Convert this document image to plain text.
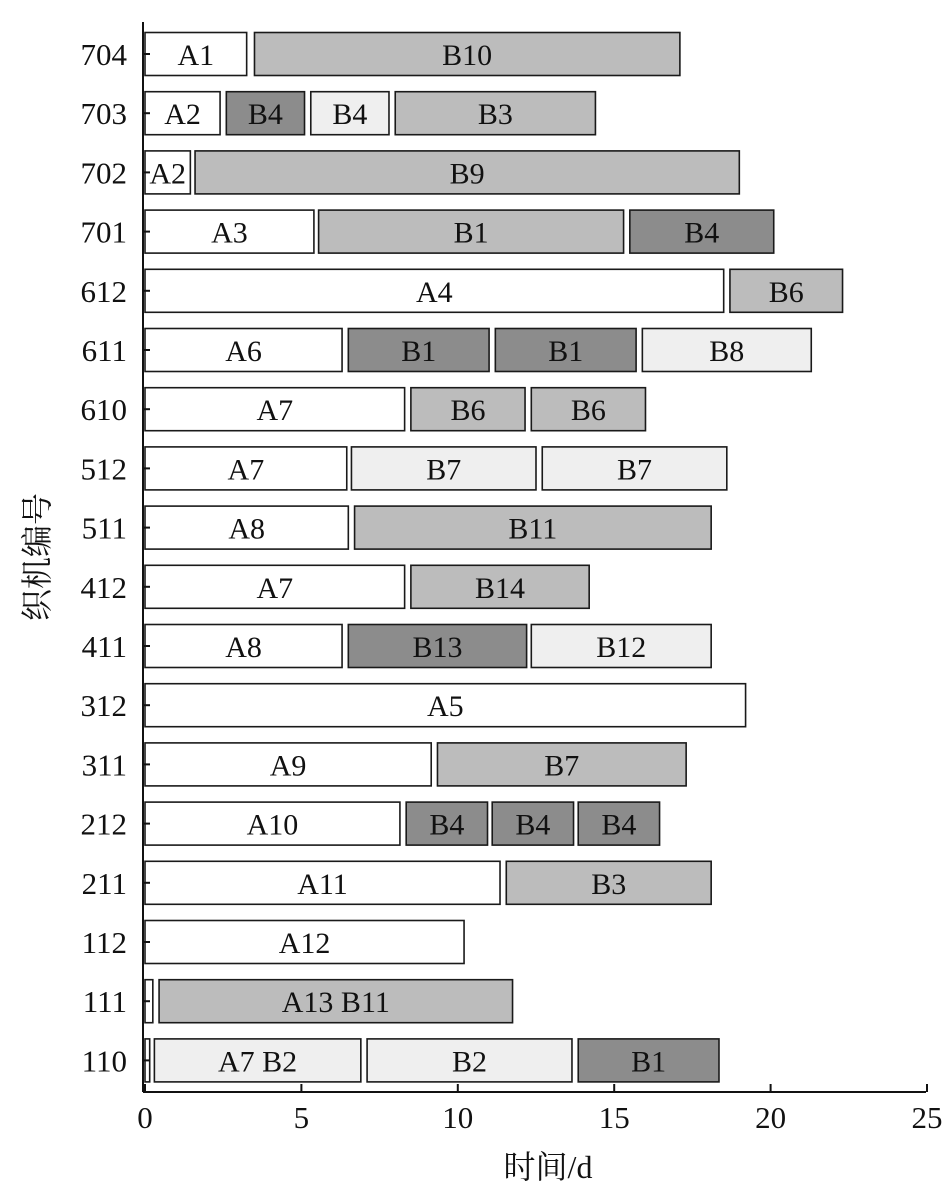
A1	B10
A2 B4 B4	B3
A2	B9
A3	B1	B4
A4	B6
A6	B1	B1	B8
A7	B6	B6
A7	B7	B7
A8	B11
A7	B14
A8	B13	B12
A5
A9	B7
A10	B4 B4 B4
A11	B3
A12
A13 B11
A7 B2	B2	B1
704
703
702
701
612
611
610
512
511
412
411
312
311
212
211
112
111
110
0	5	10	15	20	25
时间/d
织机编号
